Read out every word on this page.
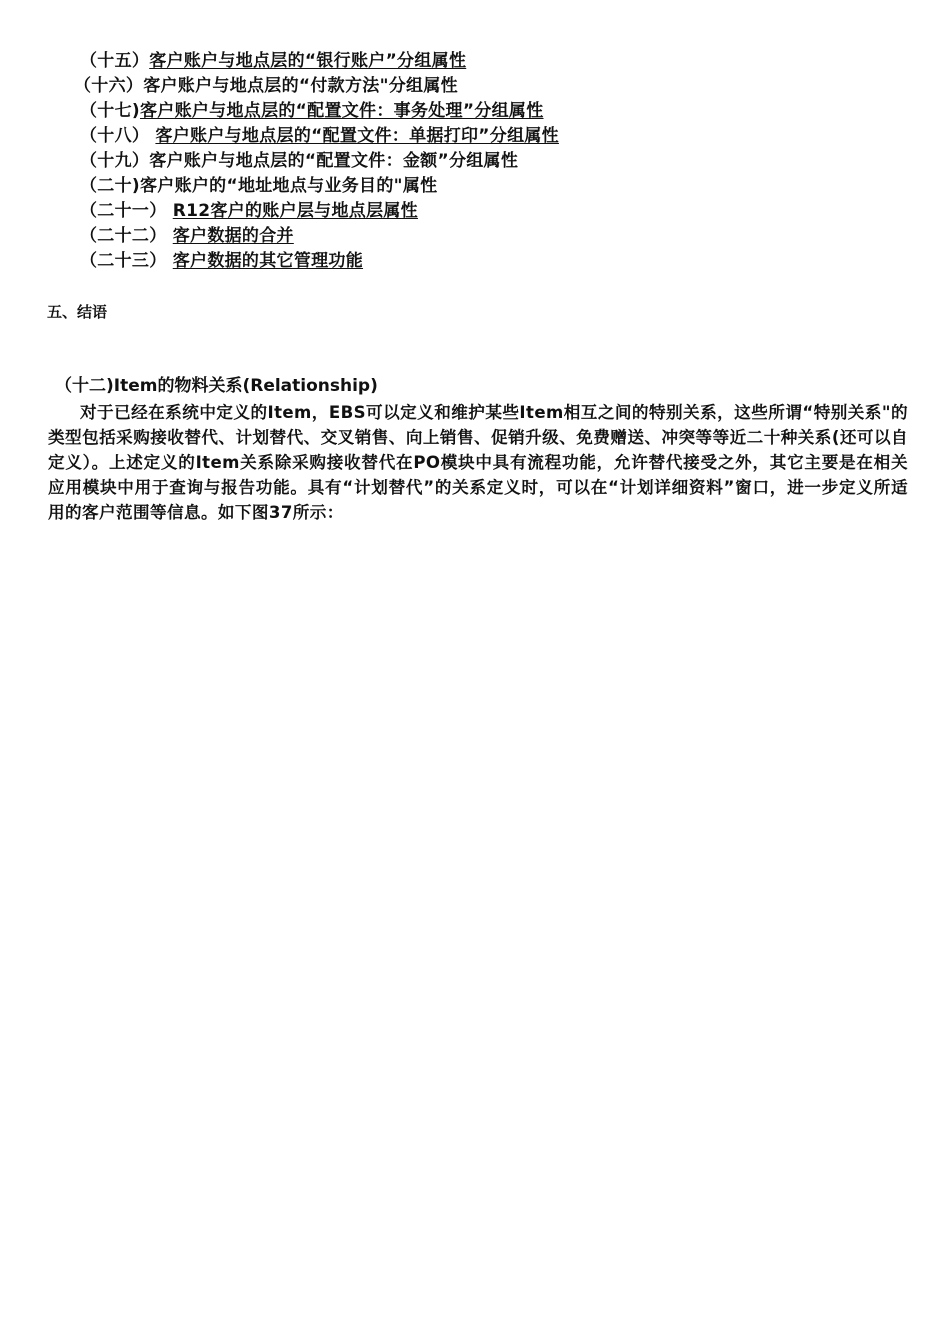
（十五）客户账户与地点层的“银行账户”分组属性
（十六）客户账户与地点层的“付款方法"分组属性
（十七)客户账户与地点层的“配置文件：事务处理”分组属性
（十八） 客户账户与地点层的“配置文件：单据打印”分组属性
（十九）客户账户与地点层的“配置文件：金额”分组属性
（二十)客户账户的“地址地点与业务目的"属性
（二十一） R12客户的账户层与地点层属性
（二十二） 客户数据的合并
（二十三） 客户数据的其它管理功能
五、结语
（十二)Item的物料关系(Relationship)

对于已经在系统中定义的Item，EBS可以定义和维护某些Item相互之间的特别关系，这些所谓“特别关系"的类型包括采购接收替代、计划替代、交叉销售、向上销售、促销升级、免费赠送、冲突等等近二十种关系(还可以自定义）。上述定义的Item关系除采购接收替代在PO模块中具有流程功能，允许替代接受之外，其它主要是在相关应用模块中用于查询与报告功能。具有“计划替代”的关系定义时，可以在“计划详细资料”窗口，进一步定义所适用的客户范围等信息。如下图37所示：
